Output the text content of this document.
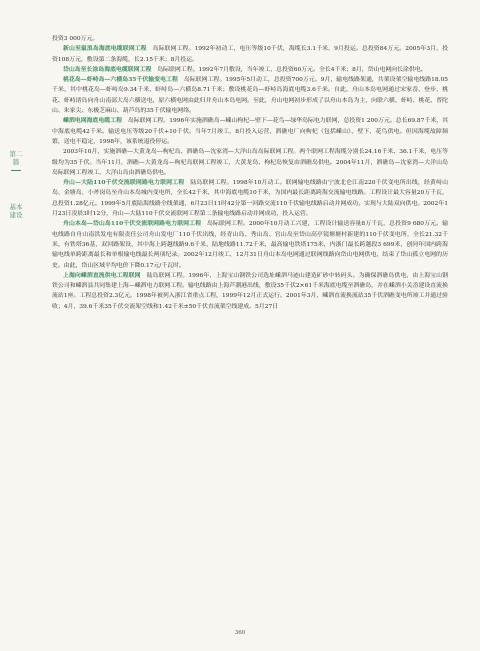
第二篇
基本建设

投资3 000万元。

新山至鼠浪岛海底电缆联网工程　 岛际联网工程。1992年初动工，电压等级10千伏，海缆长3.1千米，9月投运。总投资84万元。2005年3月，投资108万元，敷设第二条海缆，长2.15千米；8月投运。

岱山岛至长涂岛海底电缆联网工程　 岛际联网工程。1992年7月敷设，当年竣工，总投资60万元。全长4千米；8月，岱山电网向长涂供电。

桃花岛—虾峙岛—六横岛35千伏输变电工程　 岛际联网工程。1995年5月动工，总投资700万元。9月，输电线路架通，共架设架空输电线路18.05千米，其中桃花岛—虾峙岛9.34千米，虾峙岛—六横岛8.71千米；敷设桃花岛—虾峙岛海底电缆3.6千米。自此，舟山本岛电网通过宋家岙、登步、桃花、虾峙诸岛向舟山南部大岛六横送电，原六横电网由此归并舟山本岛电网。至此，舟山电网初步形成了以舟山本岛为主，向联六横、虾峙、桃花、普陀山、朱家尖、东极芝麻山、葫芦岛的35千伏输电网络。

嵊泗电网海底电缆工程　 岛际联网工程。1996年实施泗礁岛—嵊山枸杞—壁下—花鸟—绿华岛际电力联网，总投资1 200万元。总长69.87千米，其中海底电缆42千米。输送电压等级20千伏+10千伏。当年7月竣工，8月投入运营，泗礁电厂向枸杞（包括嵊山）、壁下、花鸟供电。但因海缆故障频繁，送电不稳定，1998年，该系统退役停运。

2003年10月，实施泗礁—大黄龙岛—枸杞岛、泗礁岛—沈家湾—大洋山岛岛际联网工程。两个联网工程海缆分别长24.16千米、36.1千米，电压等级均为35千伏。当年11月，泗礁—大黄龙岛—枸杞岛联网工程竣工，大黄龙岛、枸杞岛恢复由泗礁岛供电。2004年11月，泗礁岛—沈家湾—大洋山岛岛际联网工程竣工，大洋山岛由泗礁岛供电。

舟山—大陆110千伏交流联网路电力联网工程　 陆岛联网工程。1998年10月动工。联网输电线路由宁波北仑江南220千伏变电所出线，经黄峙山岛、金塘岛、小斧岗岛至舟山本岛城内变电所，全长42千米，其中海底电缆10千米，为国内最长距离跨海交流输电线路。工程设计最大容量20万千瓦，总投资1.28亿元。1999年5月底陆海线路全线架通，6月23日11时42分第一回路交流110千伏输电线路启动并网成功，实现与大陆双向供电。2002年1月23日凌晨3时12分，舟山—大陆110千伏交流联网工程第二条输电线路启动并网成功，投入运营。

舟山本岛—岱山岛110千伏交流联网路电力联网工程　 岛际联网工程。2000年10月动工兴建，工程设计输送容量8万千瓦，总投资9 680万元。输电线路自舟山南洪发电有限责任公司舟山发电厂110千伏出线，经青山岛、秀山岛、官山岛至岱山高亭镜塘塘村新建的110千伏变电所，全长21.32千米，有铁塔36基，双回路架设，其中海上跨越线路9.6千米，陆地线路11.72千米，最高输电铁塔175米，内浙门最长跨越段3 699米，创同年国内跨海输电线单跨距离最长和单根输电线最长两项纪录。2002年12月竣工，12月31日舟山本岛电网通过联网线路向岱山电网供电，结束了岱山孤立电网的历史。由此，岱山区域平均电价下降0.17元/千瓦时。

上海向嵊泗直流供电工程联网　 陆岛联网工程。1996年，上海宝山钢铁公司选址嵊泗马迹山建造矿砂中转码头。为确保泗礁岛供电，由上海宝山钢铁公司和嵊泗县共同集建上海—嵊泗电力联网工程。输电线路由上海芦潮港出线，敷设35千伏2×61千米海底电缆至泗礁岛，并在嵊泗小关岙建设直流换流站1座。工程总投资2.3亿元。1998年被列入浙江省重点工程，1999年12月正式运行。2001年3月，嵊泗直流换流站35千伏泗礁变电所竣工并通过验收；4月，39.6千米35千伏交流架空线和1.42千米±50千伏直流架空线建成。5月27日

360
